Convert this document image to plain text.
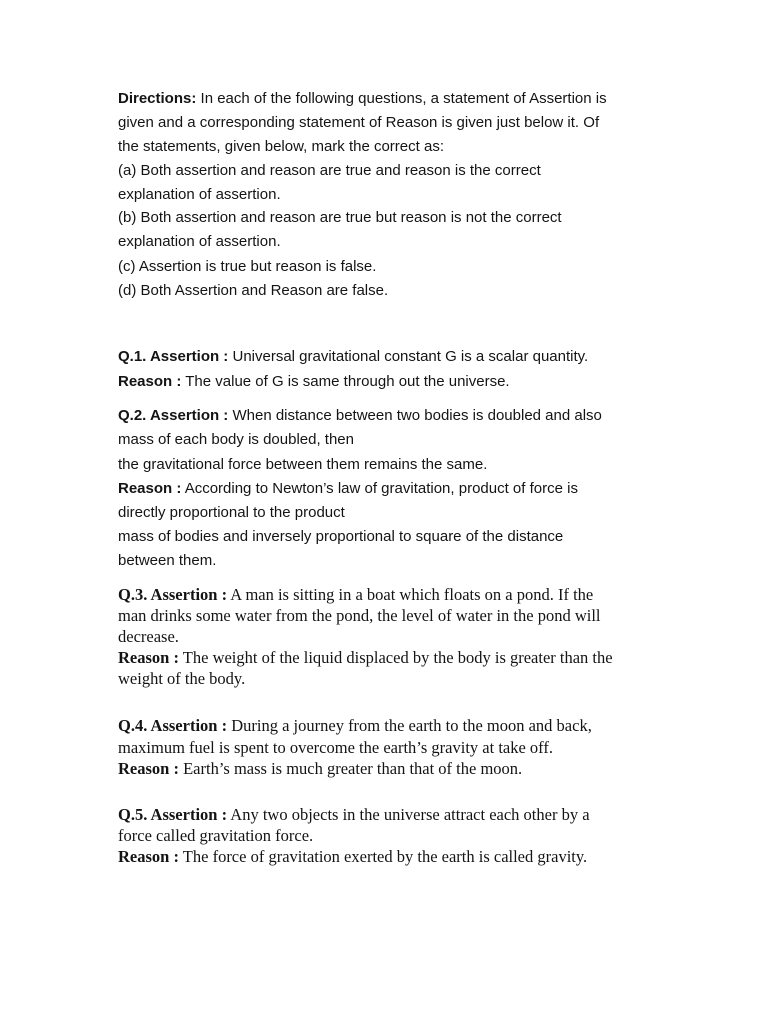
Directions: In each of the following questions, a statement of Assertion is
given and a corresponding statement of Reason is given just below it. Of
the statements, given below, mark the correct as:
(a) Both assertion and reason are true and reason is the correct
explanation of assertion.
(b) Both assertion and reason are true but reason is not the correct
explanation of assertion.
(c) Assertion is true but reason is false.
(d) Both Assertion and Reason are false.
Q.1. Assertion : Universal gravitational constant G is a scalar quantity.
Reason : The value of G is same through out the universe.
Q.2. Assertion : When distance between two bodies is doubled and also
mass of each body is doubled, then
the gravitational force between them remains the same.
Reason : According to Newton’s law of gravitation, product of force is
directly proportional to the product
mass of bodies and inversely proportional to square of the distance
between them.
Q.3. Assertion : A man is sitting in a boat which floats on a pond. If the
man drinks some water from the pond, the level of water in the pond will
decrease.
Reason : The weight of the liquid displaced by the body is greater than the
weight of the body.
Q.4. Assertion : During a journey from the earth to the moon and back,
maximum fuel is spent to overcome the earth’s gravity at take off.
Reason : Earth’s mass is much greater than that of the moon.
Q.5. Assertion : Any two objects in the universe attract each other by a
force called gravitation force.
Reason : The force of gravitation exerted by the earth is called gravity.
